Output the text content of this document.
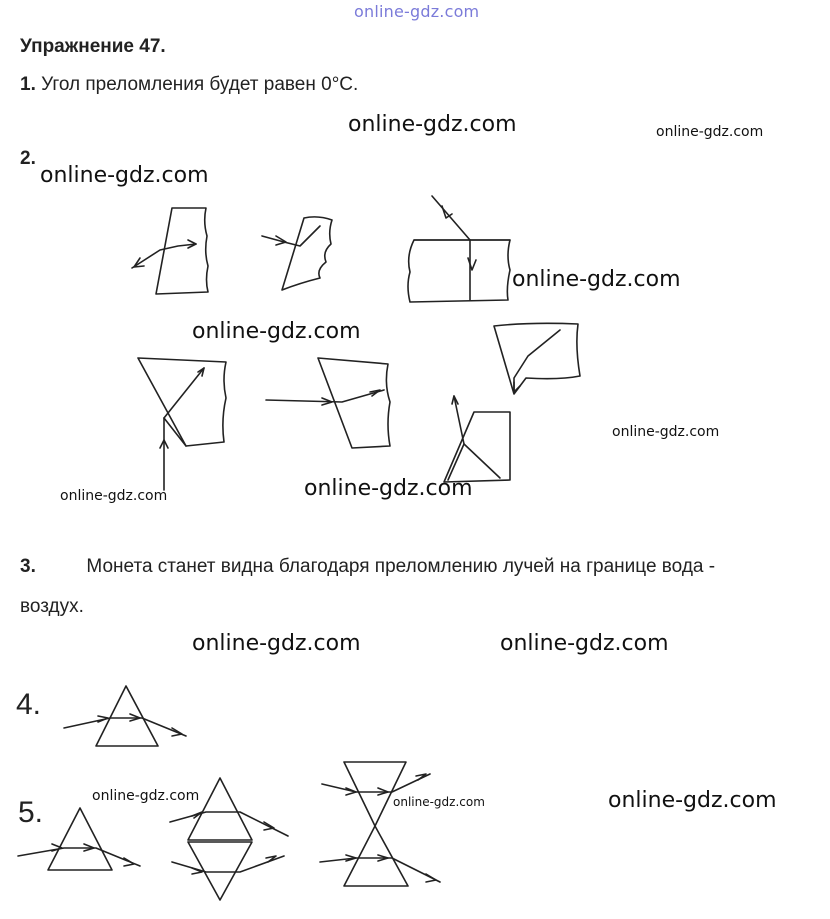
online-gdz.com
Упражнение 47.
1. Угол преломления будет равен 0°С.
2.
3.	Монета станет видна благодаря преломлению лучей на границе вода -
воздух.
4.
5.
online-gdz.com	online-gdz.com
online-gdz.com
online-gdz.com
online-gdz.com
online-gdz.com
online-gdz.com	online-gdz.com
online-gdz.com	online-gdz.com
online-gdz.com	online-gdz.com	online-gdz.com
